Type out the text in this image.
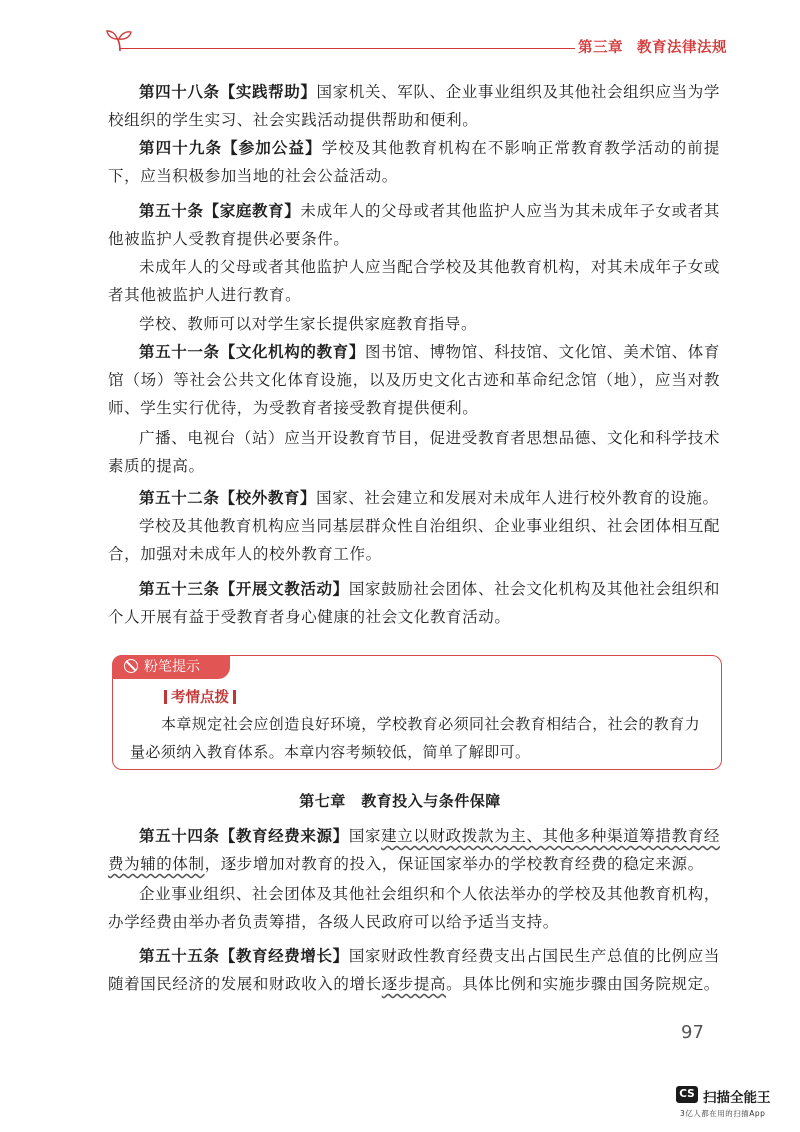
第三章 教育法律法规

第四十八条【实践帮助】国家机关、军队、企业事业组织及其他社会组织应当为学校组织的学生实习、社会实践活动提供帮助和便利。

第四十九条【参加公益】学校及其他教育机构在不影响正常教育教学活动的前提下，应当积极参加当地的社会公益活动。

第五十条【家庭教育】未成年人的父母或者其他监护人应当为其未成年子女或者其他被监护人受教育提供必要条件。

未成年人的父母或者其他监护人应当配合学校及其他教育机构，对其未成年子女或者其他被监护人进行教育。

学校、教师可以对学生家长提供家庭教育指导。

第五十一条【文化机构的教育】图书馆、博物馆、科技馆、文化馆、美术馆、体育馆（场）等社会公共文化体育设施，以及历史文化古迹和革命纪念馆（地），应当对教师、学生实行优待，为受教育者接受教育提供便利。

广播、电视台（站）应当开设教育节目，促进受教育者思想品德、文化和科学技术素质的提高。

第五十二条【校外教育】国家、社会建立和发展对未成年人进行校外教育的设施。

学校及其他教育机构应当同基层群众性自治组织、企业事业组织、社会团体相互配合，加强对未成年人的校外教育工作。

第五十三条【开展文教活动】国家鼓励社会团体、社会文化机构及其他社会组织和个人开展有益于受教育者身心健康的社会文化教育活动。

粉笔提示
考情点拨

本章规定社会应创造良好环境，学校教育必须同社会教育相结合，社会的教育力量必须纳入教育体系。本章内容考频较低，简单了解即可。

第七章　教育投入与条件保障

第五十四条【教育经费来源】国家建立以财政拨款为主、其他多种渠道筹措教育经费为辅的体制，逐步增加对教育的投入，保证国家举办的学校教育经费的稳定来源。

企业事业组织、社会团体及其他社会组织和个人依法举办的学校及其他教育机构，办学经费由举办者负责筹措，各级人民政府可以给予适当支持。

第五十五条【教育经费增长】国家财政性教育经费支出占国民生产总值的比例应当随着国民经济的发展和财政收入的增长逐步提高。具体比例和实施步骤由国务院规定。

97
CS 扫描全能王
3亿人都在用的扫描App
